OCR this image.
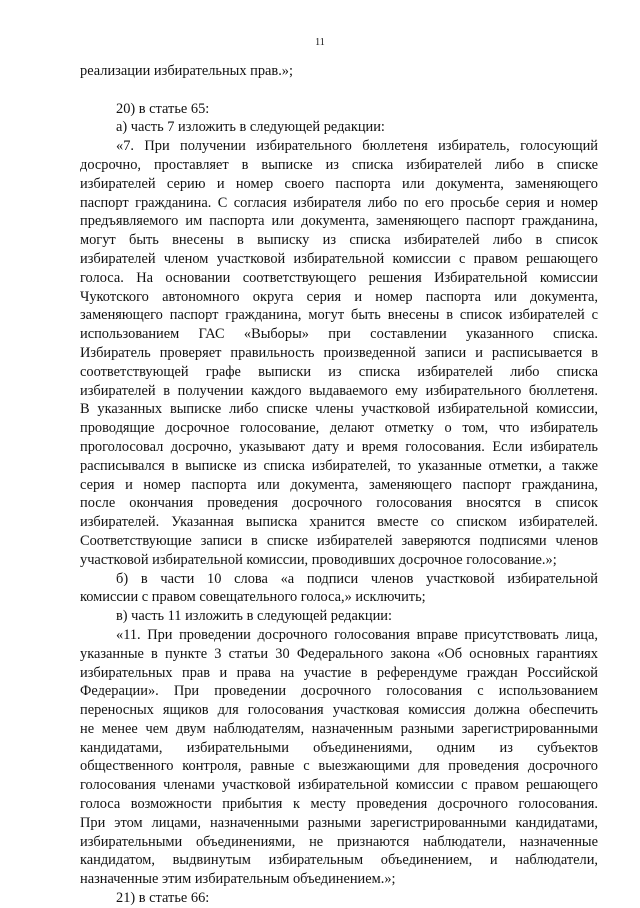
11
реализации избирательных прав.»;
20) в статье 65:
а) часть 7 изложить в следующей редакции:
«7. При получении избирательного бюллетеня избиратель, голосующий
досрочно, проставляет в выписке из списка избирателей либо в списке
избирателей серию и номер своего паспорта или документа, заменяющего
паспорт гражданина. С согласия избирателя либо по его просьбе серия и номер
предъявляемого им паспорта или документа, заменяющего паспорт гражданина,
могут быть внесены в выписку из списка избирателей либо в список
избирателей членом участковой избирательной комиссии с правом решающего
голоса. На основании соответствующего решения Избирательной комиссии
Чукотского автономного округа серия и номер паспорта или документа,
заменяющего паспорт гражданина, могут быть внесены в список избирателей с
использованием ГАС «Выборы» при составлении указанного списка.
Избиратель проверяет правильность произведенной записи и расписывается в
соответствующей графе выписки из списка избирателей либо списка
избирателей в получении каждого выдаваемого ему избирательного бюллетеня.
В указанных выписке либо списке члены участковой избирательной комиссии,
проводящие досрочное голосование, делают отметку о том, что избиратель
проголосовал досрочно, указывают дату и время голосования. Если избиратель
расписывался в выписке из списка избирателей, то указанные отметки, а также
серия и номер паспорта или документа, заменяющего паспорт гражданина,
после окончания проведения досрочного голосования вносятся в список
избирателей. Указанная выписка хранится вместе со списком избирателей.
Соответствующие записи в списке избирателей заверяются подписями членов
участковой избирательной комиссии, проводивших досрочное голосование.»;
б) в части 10 слова «а подписи членов участковой избирательной
комиссии с правом совещательного голоса,» исключить;
в) часть 11 изложить в следующей редакции:
«11. При проведении досрочного голосования вправе присутствовать лица,
указанные в пункте 3 статьи 30 Федерального закона «Об основных гарантиях
избирательных прав и права на участие в референдуме граждан Российской
Федерации». При проведении досрочного голосования с использованием
переносных ящиков для голосования участковая комиссия должна обеспечить
не менее чем двум наблюдателям, назначенным разными зарегистрированными
кандидатами, избирательными объединениями, одним из субъектов
общественного контроля, равные с выезжающими для проведения досрочного
голосования членами участковой избирательной комиссии с правом решающего
голоса возможности прибытия к месту проведения досрочного голосования.
При этом лицами, назначенными разными зарегистрированными кандидатами,
избирательными объединениями, не признаются наблюдатели, назначенные
кандидатом, выдвинутым избирательным объединением, и наблюдатели,
назначенные этим избирательным объединением.»;
21) в статье 66:
